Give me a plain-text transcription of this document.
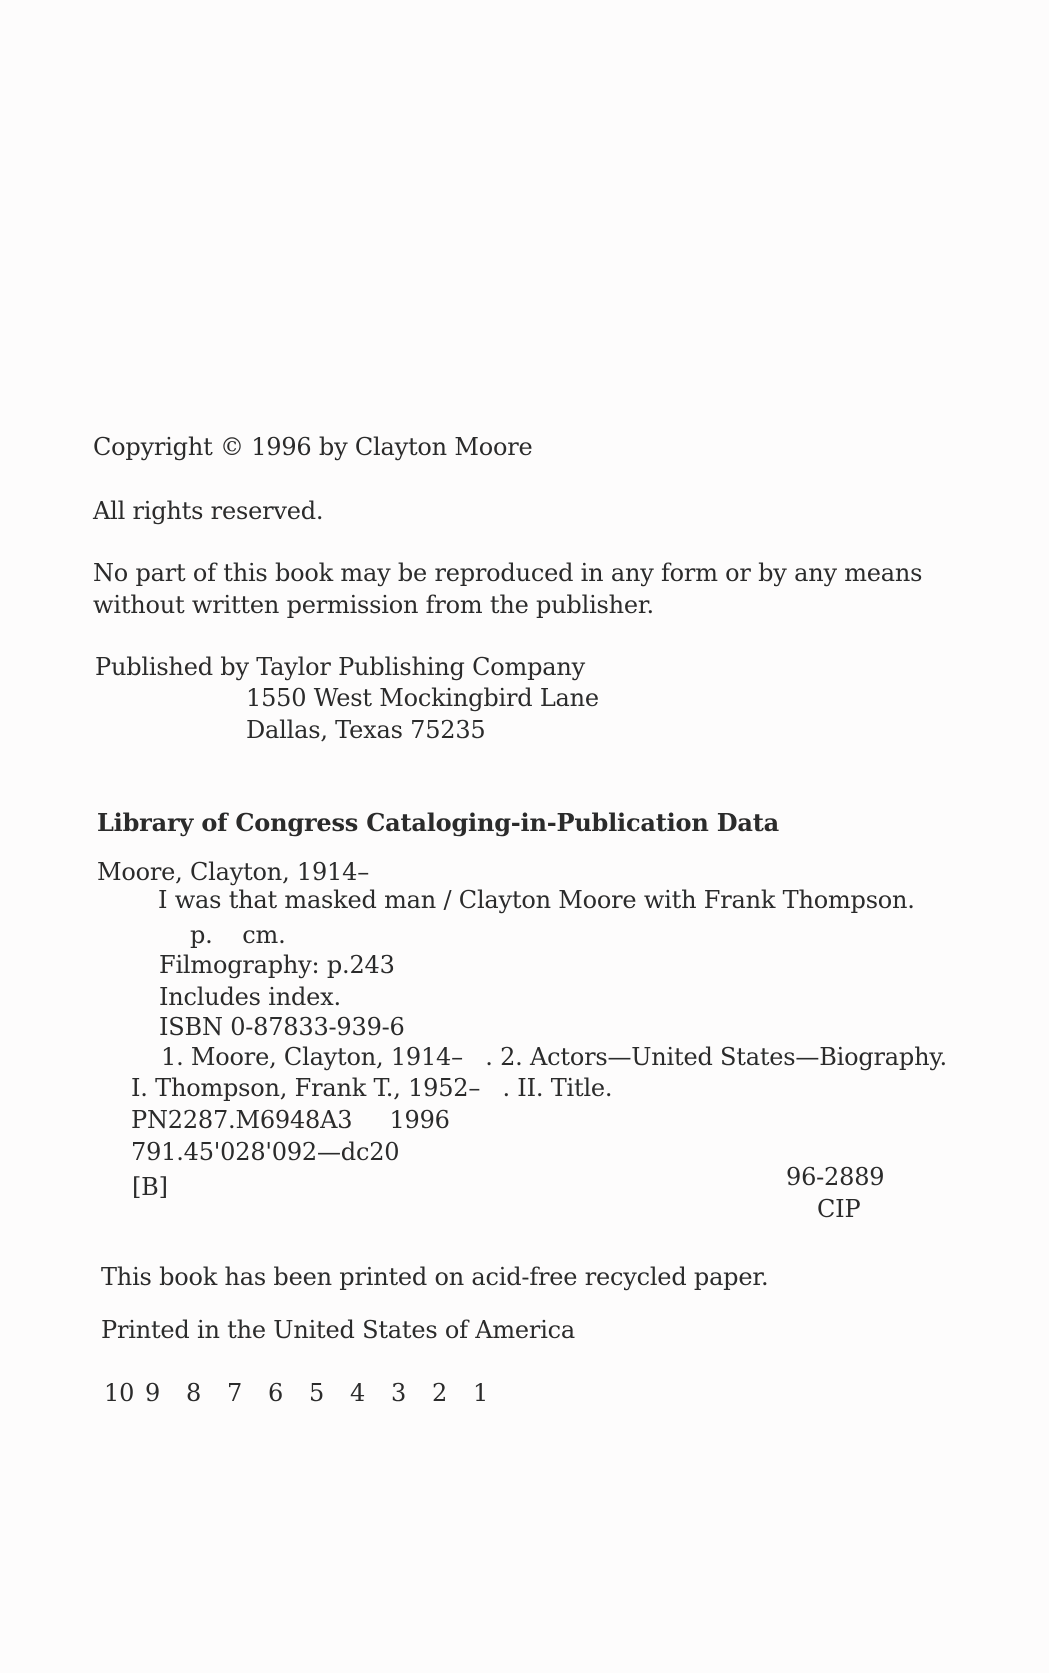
Copyright © 1996 by Clayton Moore
All rights reserved.
No part of this book may be reproduced in any form or by any means
without written permission from the publisher.
Published by Taylor Publishing Company
1550 West Mockingbird Lane
Dallas, Texas 75235
Library of Congress Cataloging-in-Publication Data
Moore, Clayton, 1914–
I was that masked man / Clayton Moore with Frank Thompson.
p.    cm.
Filmography: p.243
Includes index.
ISBN 0-87833-939-6
1. Moore, Clayton, 1914–   . 2. Actors—United States—Biography.
I. Thompson, Frank T., 1952–   . II. Title.
PN2287.M6948A3     1996
791.45'028'092—dc20
[B]	96-2889
CIP
This book has been printed on acid-free recycled paper.
Printed in the United States of America
10 9 8 7 6 5 4 3 2 1
